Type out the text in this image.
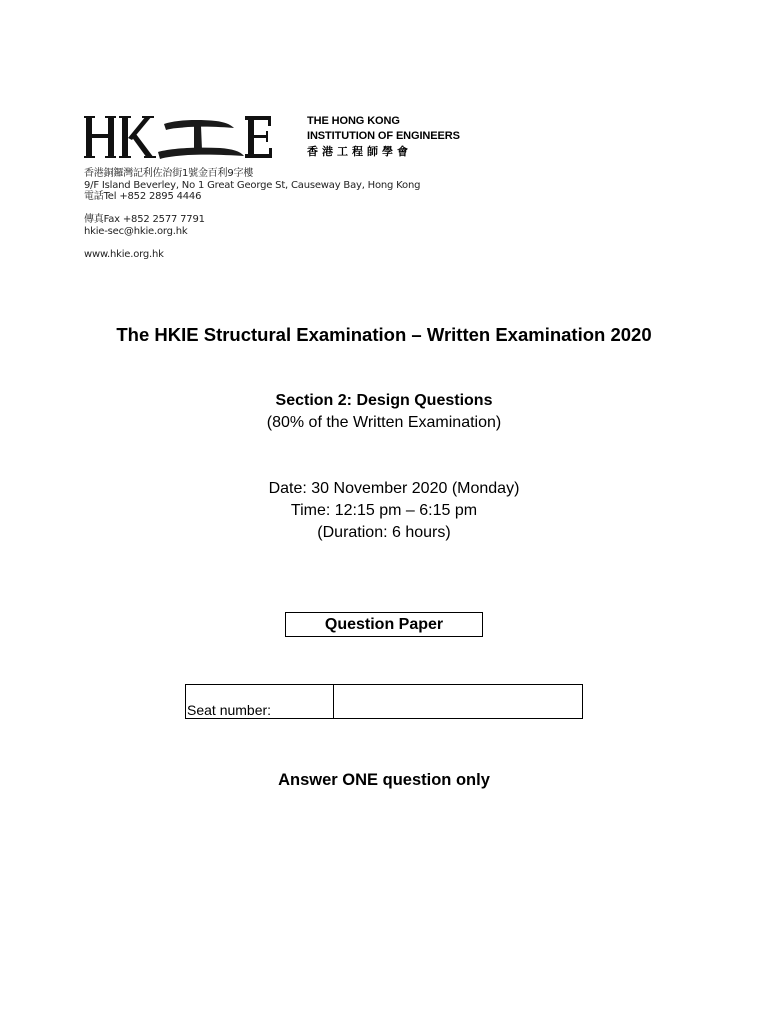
THE HONG KONG
INSTITUTION OF ENGINEERS
香港工程師學會
香港銅鑼灣記利佐治街1號金百利9字樓
9/F Island Beverley, No 1 Great George St, Causeway Bay, Hong Kong
電話Tel +852 2895 4446
傳真Fax +852 2577 7791
hkie-sec@hkie.org.hk
www.hkie.org.hk
The HKIE Structural Examination – Written Examination 2020
Section 2: Design Questions
(80% of the Written Examination)
Date: 30 November 2020 (Monday)
Time: 12:15 pm – 6:15 pm
(Duration: 6 hours)
Question Paper
Seat number:
Answer ONE question only
